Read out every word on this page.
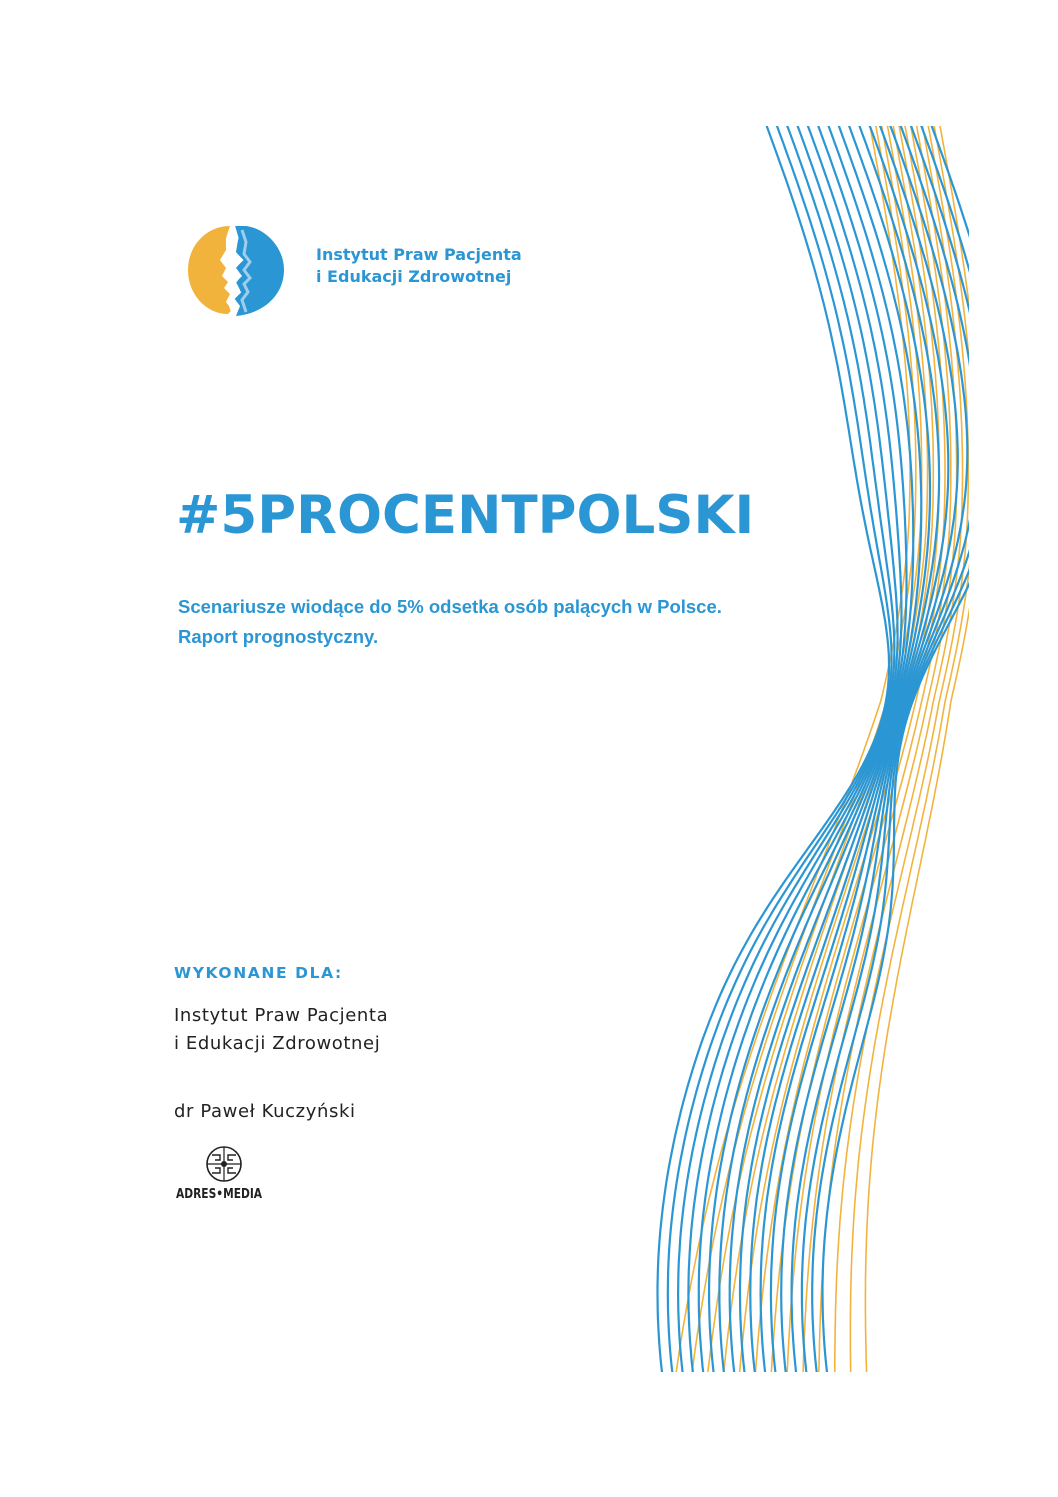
Instytut Praw Pacjenta
i Edukacji Zdrowotnej
#5PROCENTPOLSKI
Scenariusze wiodące do 5% odsetka osób palących w Polsce.
Raport prognostyczny.
WYKONANE DLA:
Instytut Praw Pacjenta
i Edukacji Zdrowotnej
dr Paweł Kuczyński
ADRES•MEDIA
